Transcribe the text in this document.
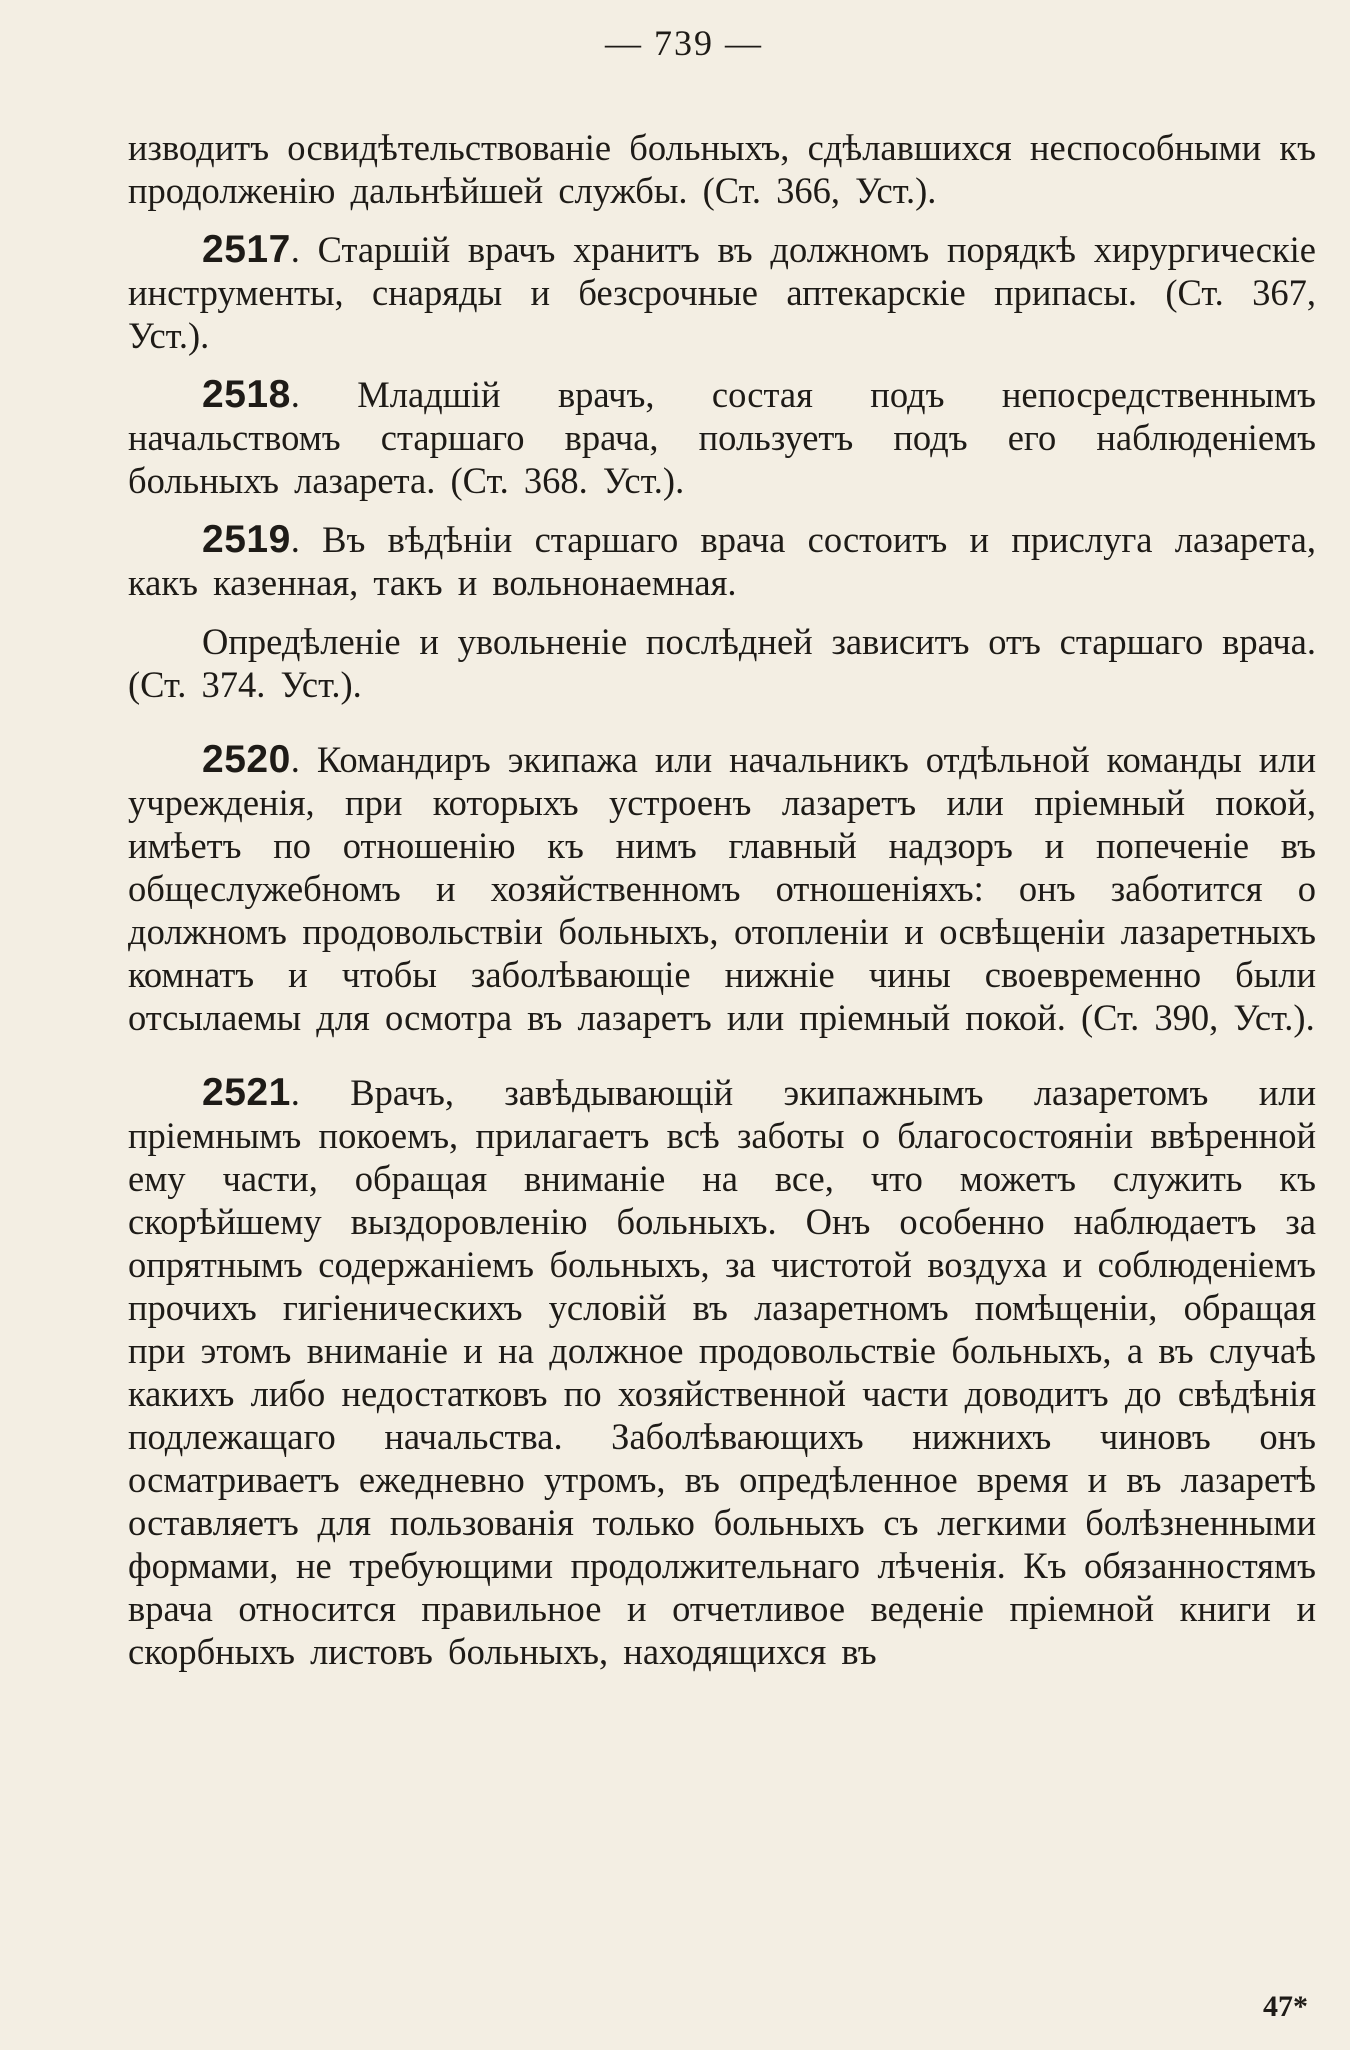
— 739 —

изводитъ освидѣтельствованіе больныхъ, сдѣлавшихся неспособными къ продолженію дальнѣйшей службы. (Ст. 366, Уст.).

2517. Старшій врачъ хранитъ въ должномъ порядкѣ хирургическіе инструменты, снаряды и безсрочные аптекарскіе припасы. (Ст. 367, Уст.).

2518. Младшій врачъ, состая подъ непосредственнымъ начальствомъ старшаго врача, пользуетъ подъ его наблюденіемъ больныхъ лазарета. (Ст. 368. Уст.).

2519. Въ вѣдѣніи старшаго врача состоитъ и прислуга лазарета, какъ казенная, такъ и вольнонаемная.

Опредѣленіе и увольненіе послѣдней зависитъ отъ старшаго врача. (Ст. 374. Уст.).

2520. Командиръ экипажа или начальникъ отдѣльной команды или учрежденія, при которыхъ устроенъ лазаретъ или пріемный покой, имѣетъ по отношенію къ нимъ главный надзоръ и попеченіе въ общеслужебномъ и хозяйственномъ отношеніяхъ: онъ заботится о должномъ продовольствіи больныхъ, отопленіи и освѣщеніи лазаретныхъ комнатъ и чтобы заболѣвающіе нижніе чины своевременно были отсылаемы для осмотра въ лазаретъ или пріемный покой. (Ст. 390, Уст.).

2521. Врачъ, завѣдывающій экипажнымъ лазаретомъ или пріемнымъ покоемъ, прилагаетъ всѣ заботы о благосостояніи ввѣренной ему части, обращая вниманіе на все, что можетъ служить къ скорѣйшему выздоровленію больныхъ. Онъ особенно наблюдаетъ за опрятнымъ содержаніемъ больныхъ, за чистотой воздуха и соблюденіемъ прочихъ гигіеническихъ условій въ лазаретномъ помѣщеніи, обращая при этомъ вниманіе и на должное продовольствіе больныхъ, а въ случаѣ какихъ либо недостатковъ по хозяйственной части доводитъ до свѣдѣнія подлежащаго начальства. Заболѣвающихъ нижнихъ чиновъ онъ осматриваетъ ежедневно утромъ, въ опредѣленное время и въ лазаретѣ оставляетъ для пользованія только больныхъ съ легкими болѣзненными формами, не требующими продолжительнаго лѣченія. Къ обязанностямъ врача относится правильное и отчетливое веденіе пріемной книги и скорбныхъ листовъ больныхъ, находящихся въ

47*
